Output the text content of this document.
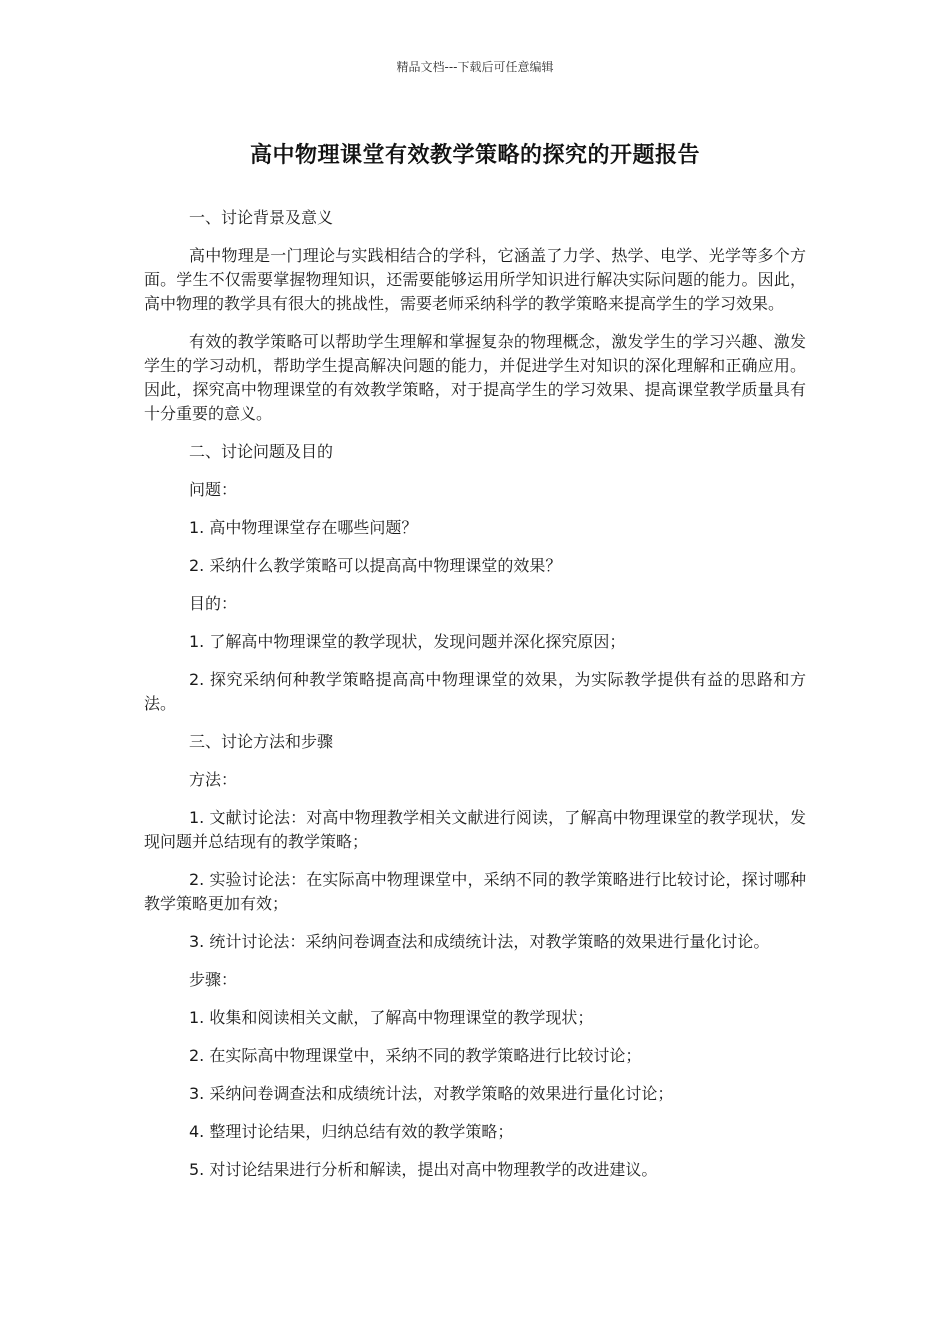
精品文档---下载后可任意编辑
高中物理课堂有效教学策略的探究的开题报告

一、讨论背景及意义

高中物理是一门理论与实践相结合的学科，它涵盖了力学、热学、电学、光学等多个方面。学生不仅需要掌握物理知识，还需要能够运用所学知识进行解决实际问题的能力。因此，高中物理的教学具有很大的挑战性，需要老师采纳科学的教学策略来提高学生的学习效果。

有效的教学策略可以帮助学生理解和掌握复杂的物理概念，激发学生的学习兴趣、激发学生的学习动机，帮助学生提高解决问题的能力，并促进学生对知识的深化理解和正确应用。因此，探究高中物理课堂的有效教学策略，对于提高学生的学习效果、提高课堂教学质量具有十分重要的意义。

二、讨论问题及目的

问题：

1. 高中物理课堂存在哪些问题？

2. 采纳什么教学策略可以提高高中物理课堂的效果？

目的：

1. 了解高中物理课堂的教学现状，发现问题并深化探究原因；

2. 探究采纳何种教学策略提高高中物理课堂的效果，为实际教学提供有益的思路和方法。

三、讨论方法和步骤

方法：

1. 文献讨论法：对高中物理教学相关文献进行阅读，了解高中物理课堂的教学现状，发现问题并总结现有的教学策略；

2. 实验讨论法：在实际高中物理课堂中，采纳不同的教学策略进行比较讨论，探讨哪种教学策略更加有效；

3. 统计讨论法：采纳问卷调查法和成绩统计法，对教学策略的效果进行量化讨论。

步骤：

1. 收集和阅读相关文献，了解高中物理课堂的教学现状；

2. 在实际高中物理课堂中，采纳不同的教学策略进行比较讨论；

3. 采纳问卷调查法和成绩统计法，对教学策略的效果进行量化讨论；

4. 整理讨论结果，归纳总结有效的教学策略；

5. 对讨论结果进行分析和解读，提出对高中物理教学的改进建议。
